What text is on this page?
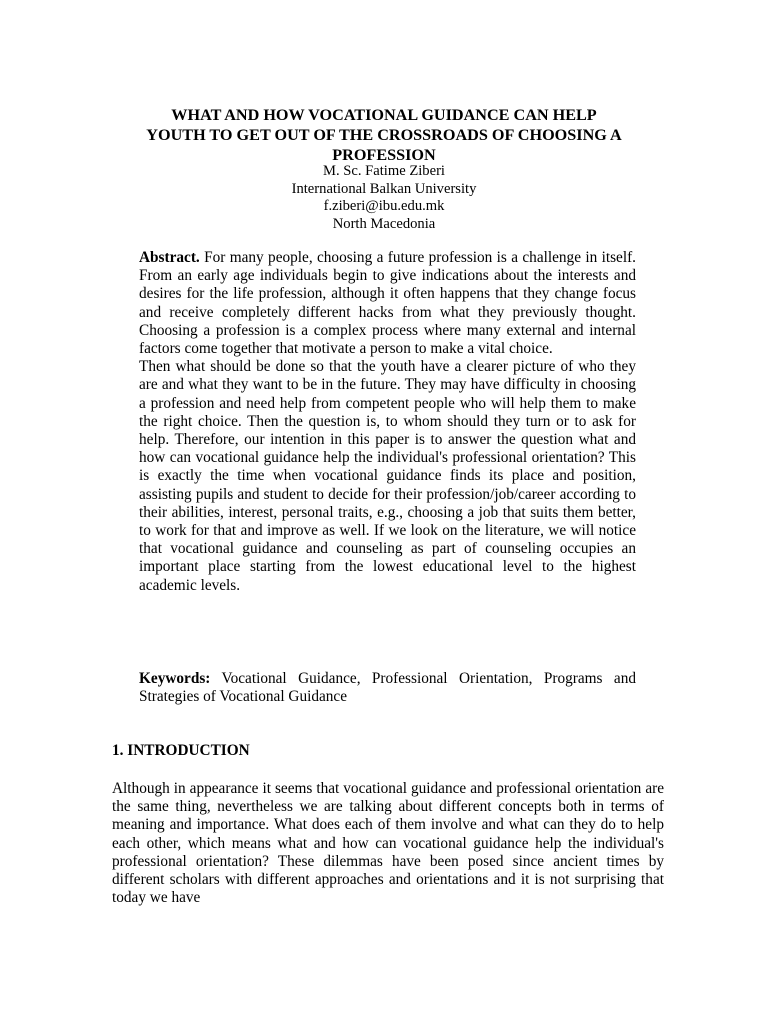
WHAT AND HOW VOCATIONAL GUIDANCE CAN HELP
YOUTH TO GET OUT OF THE CROSSROADS OF CHOOSING A
PROFESSION
M. Sc. Fatime Ziberi
International Balkan University
f.ziberi@ibu.edu.mk
North Macedonia

Abstract. For many people, choosing a future profession is a challenge in itself. From an early age individuals begin to give indications about the interests and desires for the life profession, although it often happens that they change focus and receive completely different hacks from what they previously thought. Choosing a profession is a complex process where many external and internal factors come together that motivate a person to make a vital choice.

Then what should be done so that the youth have a clearer picture of who they are and what they want to be in the future. They may have difficulty in choosing a profession and need help from competent people who will help them to make the right choice. Then the question is, to whom should they turn or to ask for help. Therefore, our intention in this paper is to answer the question what and how can vocational guidance help the individual's professional orientation? This is exactly the time when vocational guidance finds its place and position, assisting pupils and student to decide for their profession/job/career according to their abilities, interest, personal traits, e.g., choosing a job that suits them better, to work for that and improve as well. If we look on the literature, we will notice that vocational guidance and counseling as part of counseling occupies an important place starting from the lowest educational level to the highest academic levels.

Keywords: Vocational Guidance, Professional Orientation, Programs and Strategies of Vocational Guidance

1. INTRODUCTION

Although in appearance it seems that vocational guidance and professional orientation are the same thing, nevertheless we are talking about different concepts both in terms of meaning and importance. What does each of them involve and what can they do to help each other, which means what and how can vocational guidance help the individual's professional orientation? These dilemmas have been posed since ancient times by different scholars with different approaches and orientations and it is not surprising that today we have
